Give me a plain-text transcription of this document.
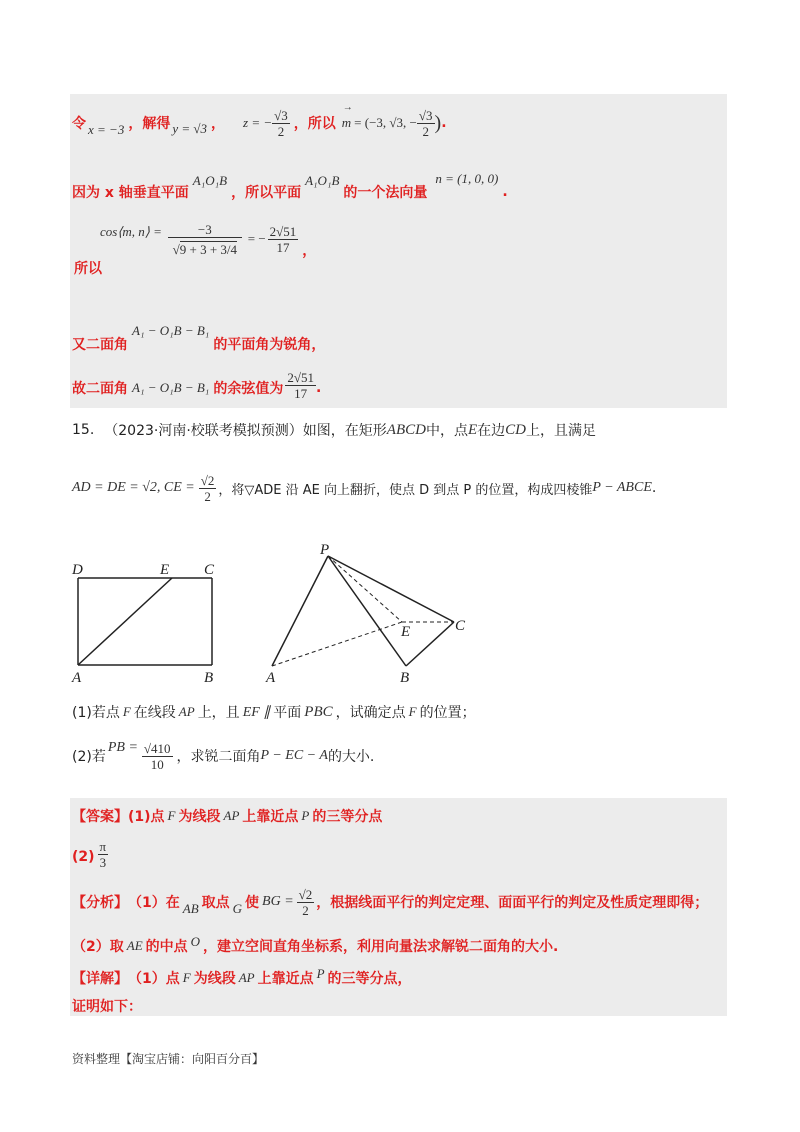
令 x = −3 ，解得 y = √3 ， z = − $\frac{√3}{2}$ ，所以
→
m = (−3, √3, − $\frac{√3}{2}$ ) .
因为 x 轴垂直平面
A₁O₁B
，所以平面
A₁O₁B
的一个法向量
n = (1, 0, 0)
.
所以
cos⟨m, n⟩ = $\frac{-3}{√9 + 3 + 3/4}$ = − $\frac{2√51}{17}$ ，
又二面角
A₁ − O₁B − B₁
的平面角为锐角，
故二面角 A₁ − O₁B − B₁ 的余弦值为 $\frac{2√51}{17}$ .
15. （2023·河南·校联考模拟预测）如图，在矩形 ABCD 中，点 E 在边 CD 上，且满足
AD = DE = √2, CE = $\frac{√2}{2}$ ，将▽ADE 沿 AE 向上翻折，使点 D 到点 P 的位置，构成四棱锥 P − ABCE .
D	E C
A	B
P
E	C
A	B
(1)若点 F 在线段 AP 上，且 EF ∥ 平面 PBC ，试确定点 F 的位置；
(2)若
PB = $\frac{√410}{10}$ ，求锐二面角 P − EC − A 的大小.
【答案】 (1)点 F 为线段 AP 上靠近点 P 的三等分点
$(2) \frac{\pi}{3}$
【分析】 （1）在 AB 取点 G 使 BG = $\frac{√2}{2}$ ，根据线面平行的判定定理、面面平行的判定及性质定理即得；
（2）取 AE 的中点 O ，建立空间直角坐标系，利用向量法求解锐二面角的大小.
【详解】 （1）点 F 为线段 AP 上靠近点 P 的三等分点，
证明如下：
资料整理【淘宝店铺：向阳百分百】
